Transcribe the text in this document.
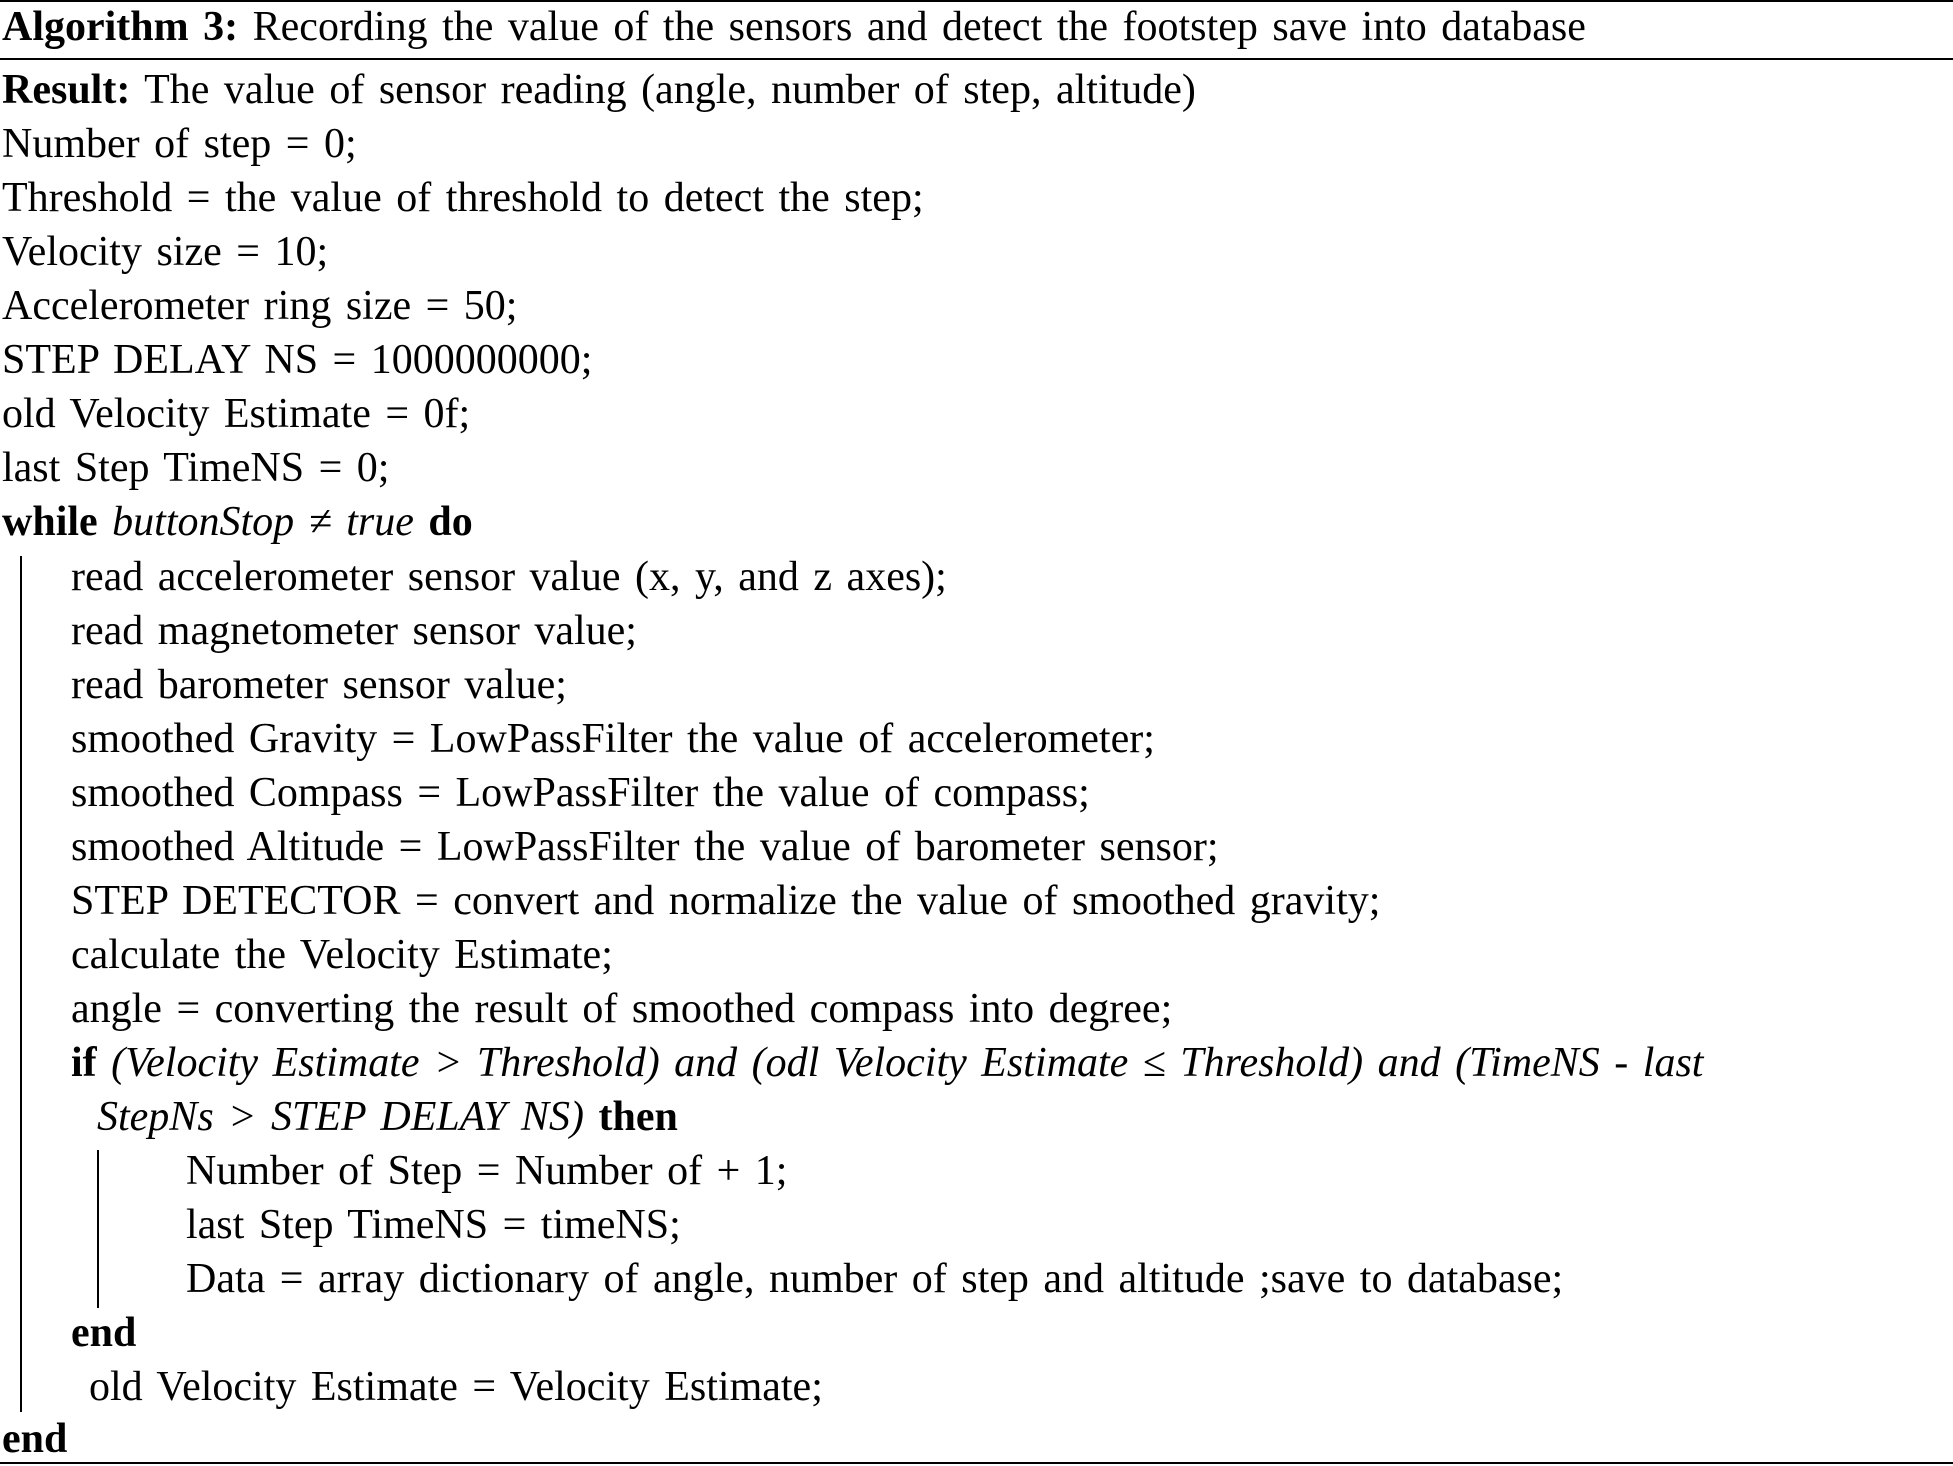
Algorithm 3: Recording the value of the sensors and detect the footstep save into database
Result: The value of sensor reading (angle, number of step, altitude)
Number of step = 0;
Threshold = the value of threshold to detect the step;
Velocity size = 10;
Accelerometer ring size = 50;
STEP DELAY NS = 1000000000;
old Velocity Estimate = 0f;
last Step TimeNS = 0;
while buttonStop ≠ true do
read accelerometer sensor value (x, y, and z axes);
read magnetometer sensor value;
read barometer sensor value;
smoothed Gravity = LowPassFilter the value of accelerometer;
smoothed Compass = LowPassFilter the value of compass;
smoothed Altitude = LowPassFilter the value of barometer sensor;
STEP DETECTOR = convert and normalize the value of smoothed gravity;
calculate the Velocity Estimate;
angle = converting the result of smoothed compass into degree;
if (Velocity Estimate > Threshold) and (odl Velocity Estimate ≤ Threshold) and (TimeNS - last
StepNs > STEP DELAY NS) then
Number of Step = Number of + 1;
last Step TimeNS = timeNS;
Data = array dictionary of angle, number of step and altitude ;save to database;
end
old Velocity Estimate = Velocity Estimate;
end
